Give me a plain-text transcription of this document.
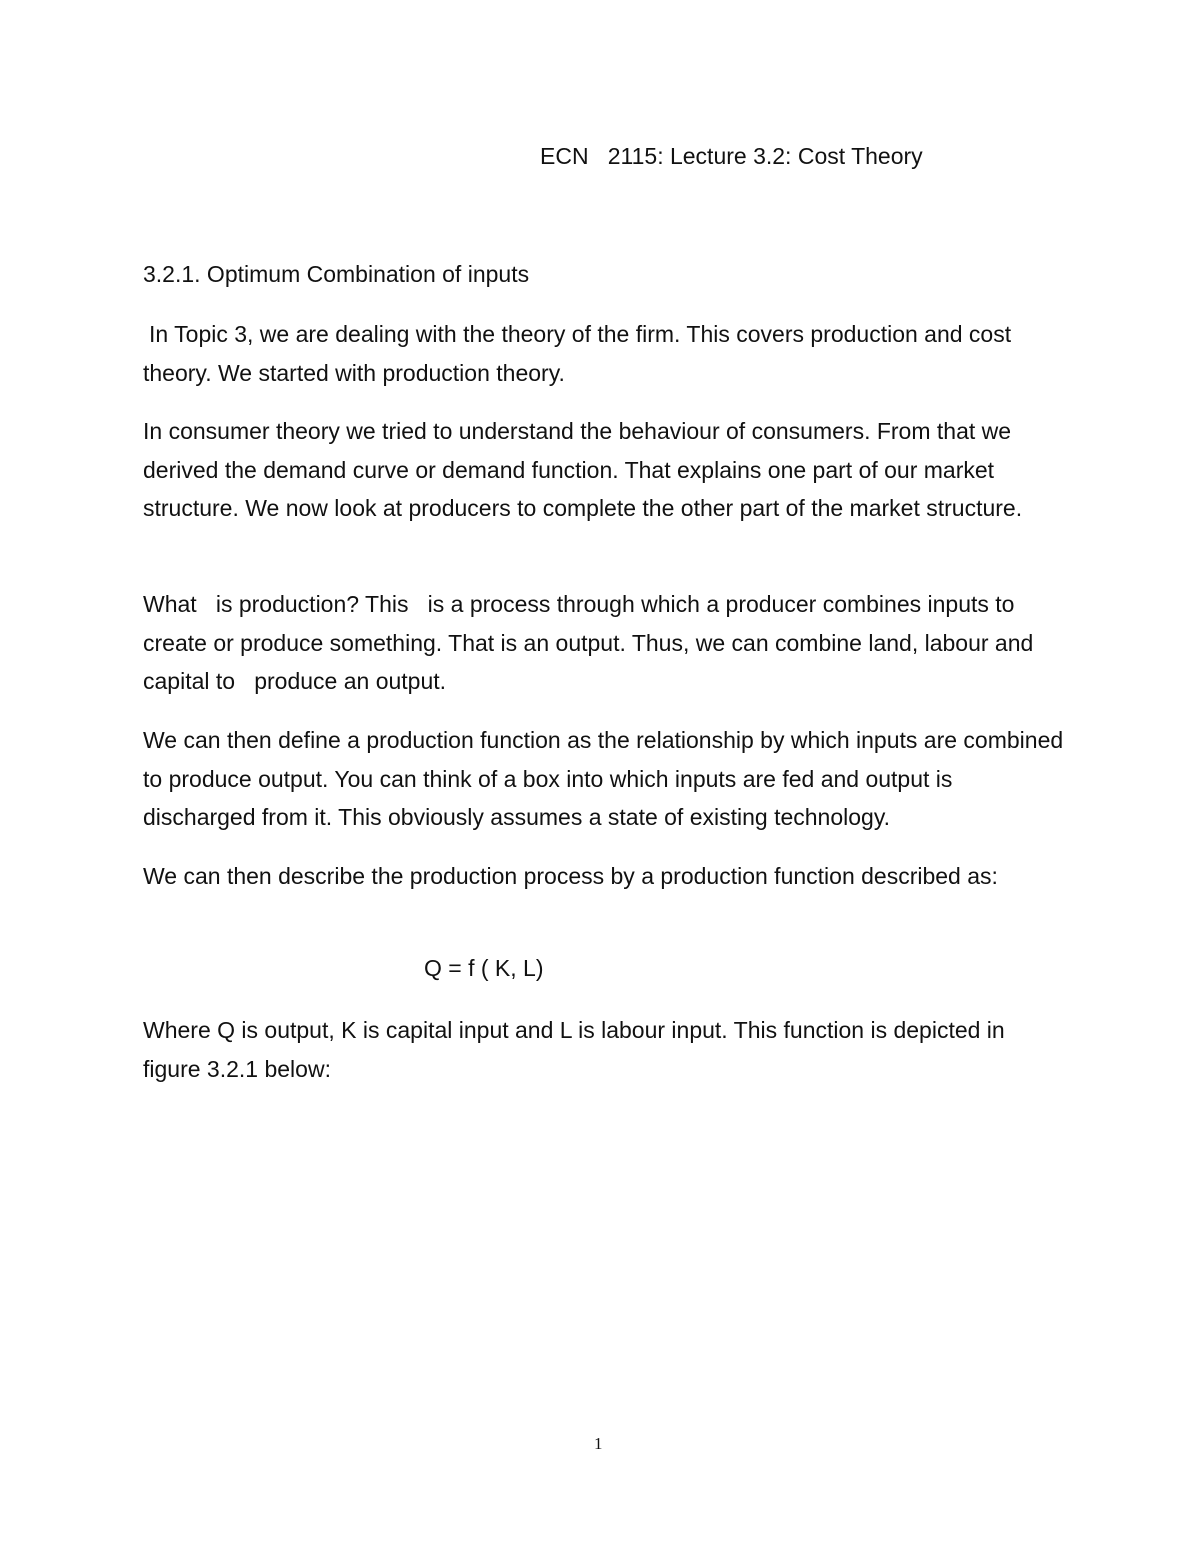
ECN   2115: Lecture 3.2: Cost Theory
3.2.1. Optimum Combination of inputs

In Topic 3, we are dealing with the theory of the firm. This covers production and cost theory. We started with production theory.

In consumer theory we tried to understand the behaviour of consumers. From that we derived the demand curve or demand function. That explains one part of our market structure. We now look at producers to complete the other part of the market structure.

What   is production? This   is a process through which a producer combines inputs to create or produce something. That is an output. Thus, we can combine land, labour and capital to   produce an output.

We can then define a production function as the relationship by which inputs are combined to produce output. You can think of a box into which inputs are fed and output is discharged from it. This obviously assumes a state of existing technology.

We can then describe the production process by a production function described as:

Q = f ( K, L)

Where Q is output, K is capital input and L is labour input. This function is depicted in figure 3.2.1 below:

1
